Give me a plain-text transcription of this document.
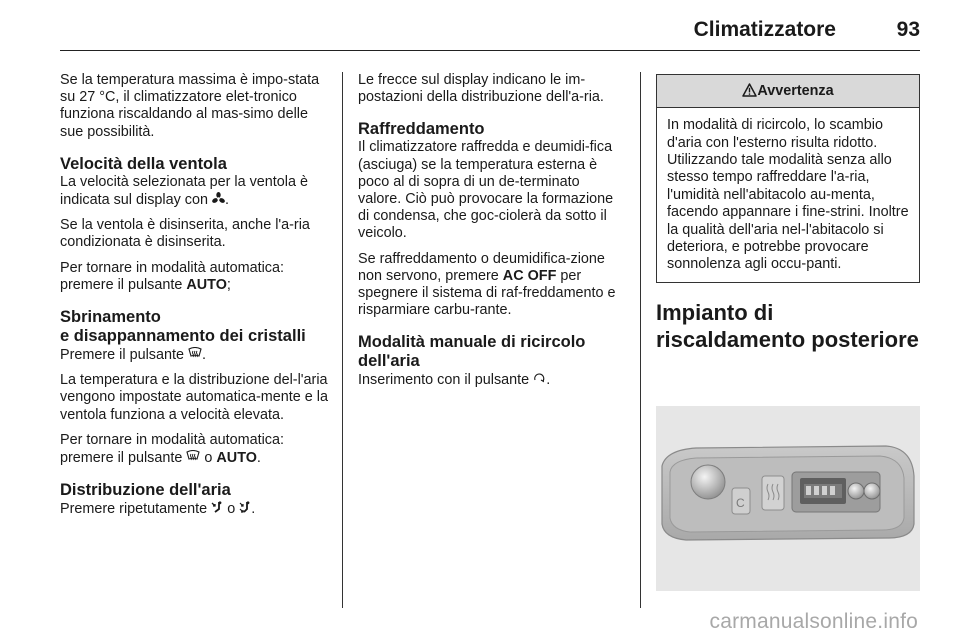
Climatizzatore	93

Se la temperatura massima è impo-stata su 27 °C, il climatizzatore elet-tronico funziona riscaldando al mas-simo delle sue possibilità.

Velocità della ventola

La velocità selezionata per la ventola è indicata sul display con .

Se la ventola è disinserita, anche l'a-ria condizionata è disinserita.

Per tornare in modalità automatica: premere il pulsante AUTO;

Sbrinamento
e disappannamento dei cristalli

Premere il pulsante .

La temperatura e la distribuzione del-l'aria vengono impostate automatica-mente e la ventola funziona a velocità elevata.

Per tornare in modalità automatica: premere il pulsante o AUTO.

Distribuzione dell'aria

Premere ripetutamente o .

Le frecce sul display indicano le im-postazioni della distribuzione dell'a-ria.

Raffreddamento

Il climatizzatore raffredda e deumidi-fica (asciuga) se la temperatura esterna è poco al di sopra di un de-terminato valore. Ciò può provocare la formazione di condensa, che goc-ciolerà da sotto il veicolo.

Se raffreddamento o deumidifica-zione non servono, premere AC OFF per spegnere il sistema di raf-freddamento e risparmiare carbu-rante.

Modalità manuale di ricircolo dell'aria

Inserimento con il pulsante .

Avvertenza
In modalità di ricircolo, lo scambio d'aria con l'esterno risulta ridotto. Utilizzando tale modalità senza allo stesso tempo raffreddare l'a-ria, l'umidità nell'abitacolo au-menta, facendo appannare i fine-strini. Inoltre la qualità dell'aria nel-l'abitacolo si deteriora, e potrebbe provocare sonnolenza agli occu-panti.
Impianto di riscaldamento posteriore
C
carmanualsonline.info
